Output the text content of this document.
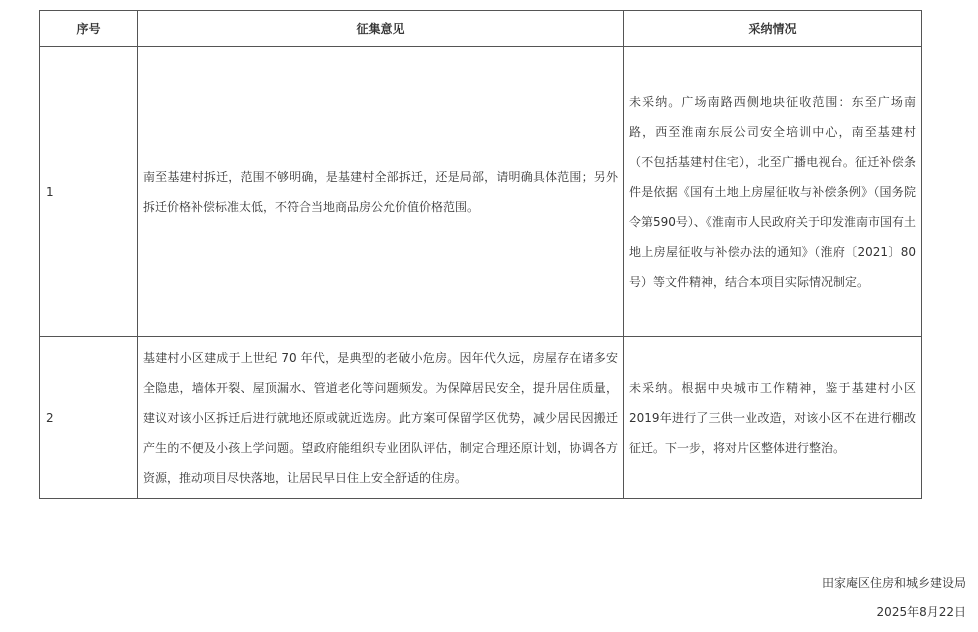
序号	征集意见	采纳情况
1	南至基建村拆迁，范围不够明确，是基建村全部拆迁，还是局部，请明确具体范围；另外拆迁价格补偿标准太低，不符合当地商品房公允价值价格范围。	未采纳。广场南路西侧地块征收范围：东至广场南路，西至淮南东辰公司安全培训中心，南至基建村（不包括基建村住宅），北至广播电视台。征迁补偿条件是依据《国有土地上房屋征收与补偿条例》（国务院令第590号）、《淮南市人民政府关于印发淮南市国有土地上房屋征收与补偿办法的通知》（淮府〔2021〕80号）等文件精神，结合本项目实际情况制定。
2	基建村小区建成于上世纪 70 年代，是典型的老破小危房。因年代久远，房屋存在诸多安全隐患，墙体开裂、屋顶漏水、管道老化等问题频发。为保障居民安全，提升居住质量，建议对该小区拆迁后进行就地还原或就近选房。此方案可保留学区优势，减少居民因搬迁产生的不便及小孩上学问题。望政府能组织专业团队评估，制定合理还原计划，协调各方资源，推动项目尽快落地，让居民早日住上安全舒适的住房。	未采纳。根据中央城市工作精神，鉴于基建村小区2019年进行了三供一业改造，对该小区不在进行棚改征迁。下一步，将对片区整体进行整治。
田家庵区住房和城乡建设局
2025年8月22日
